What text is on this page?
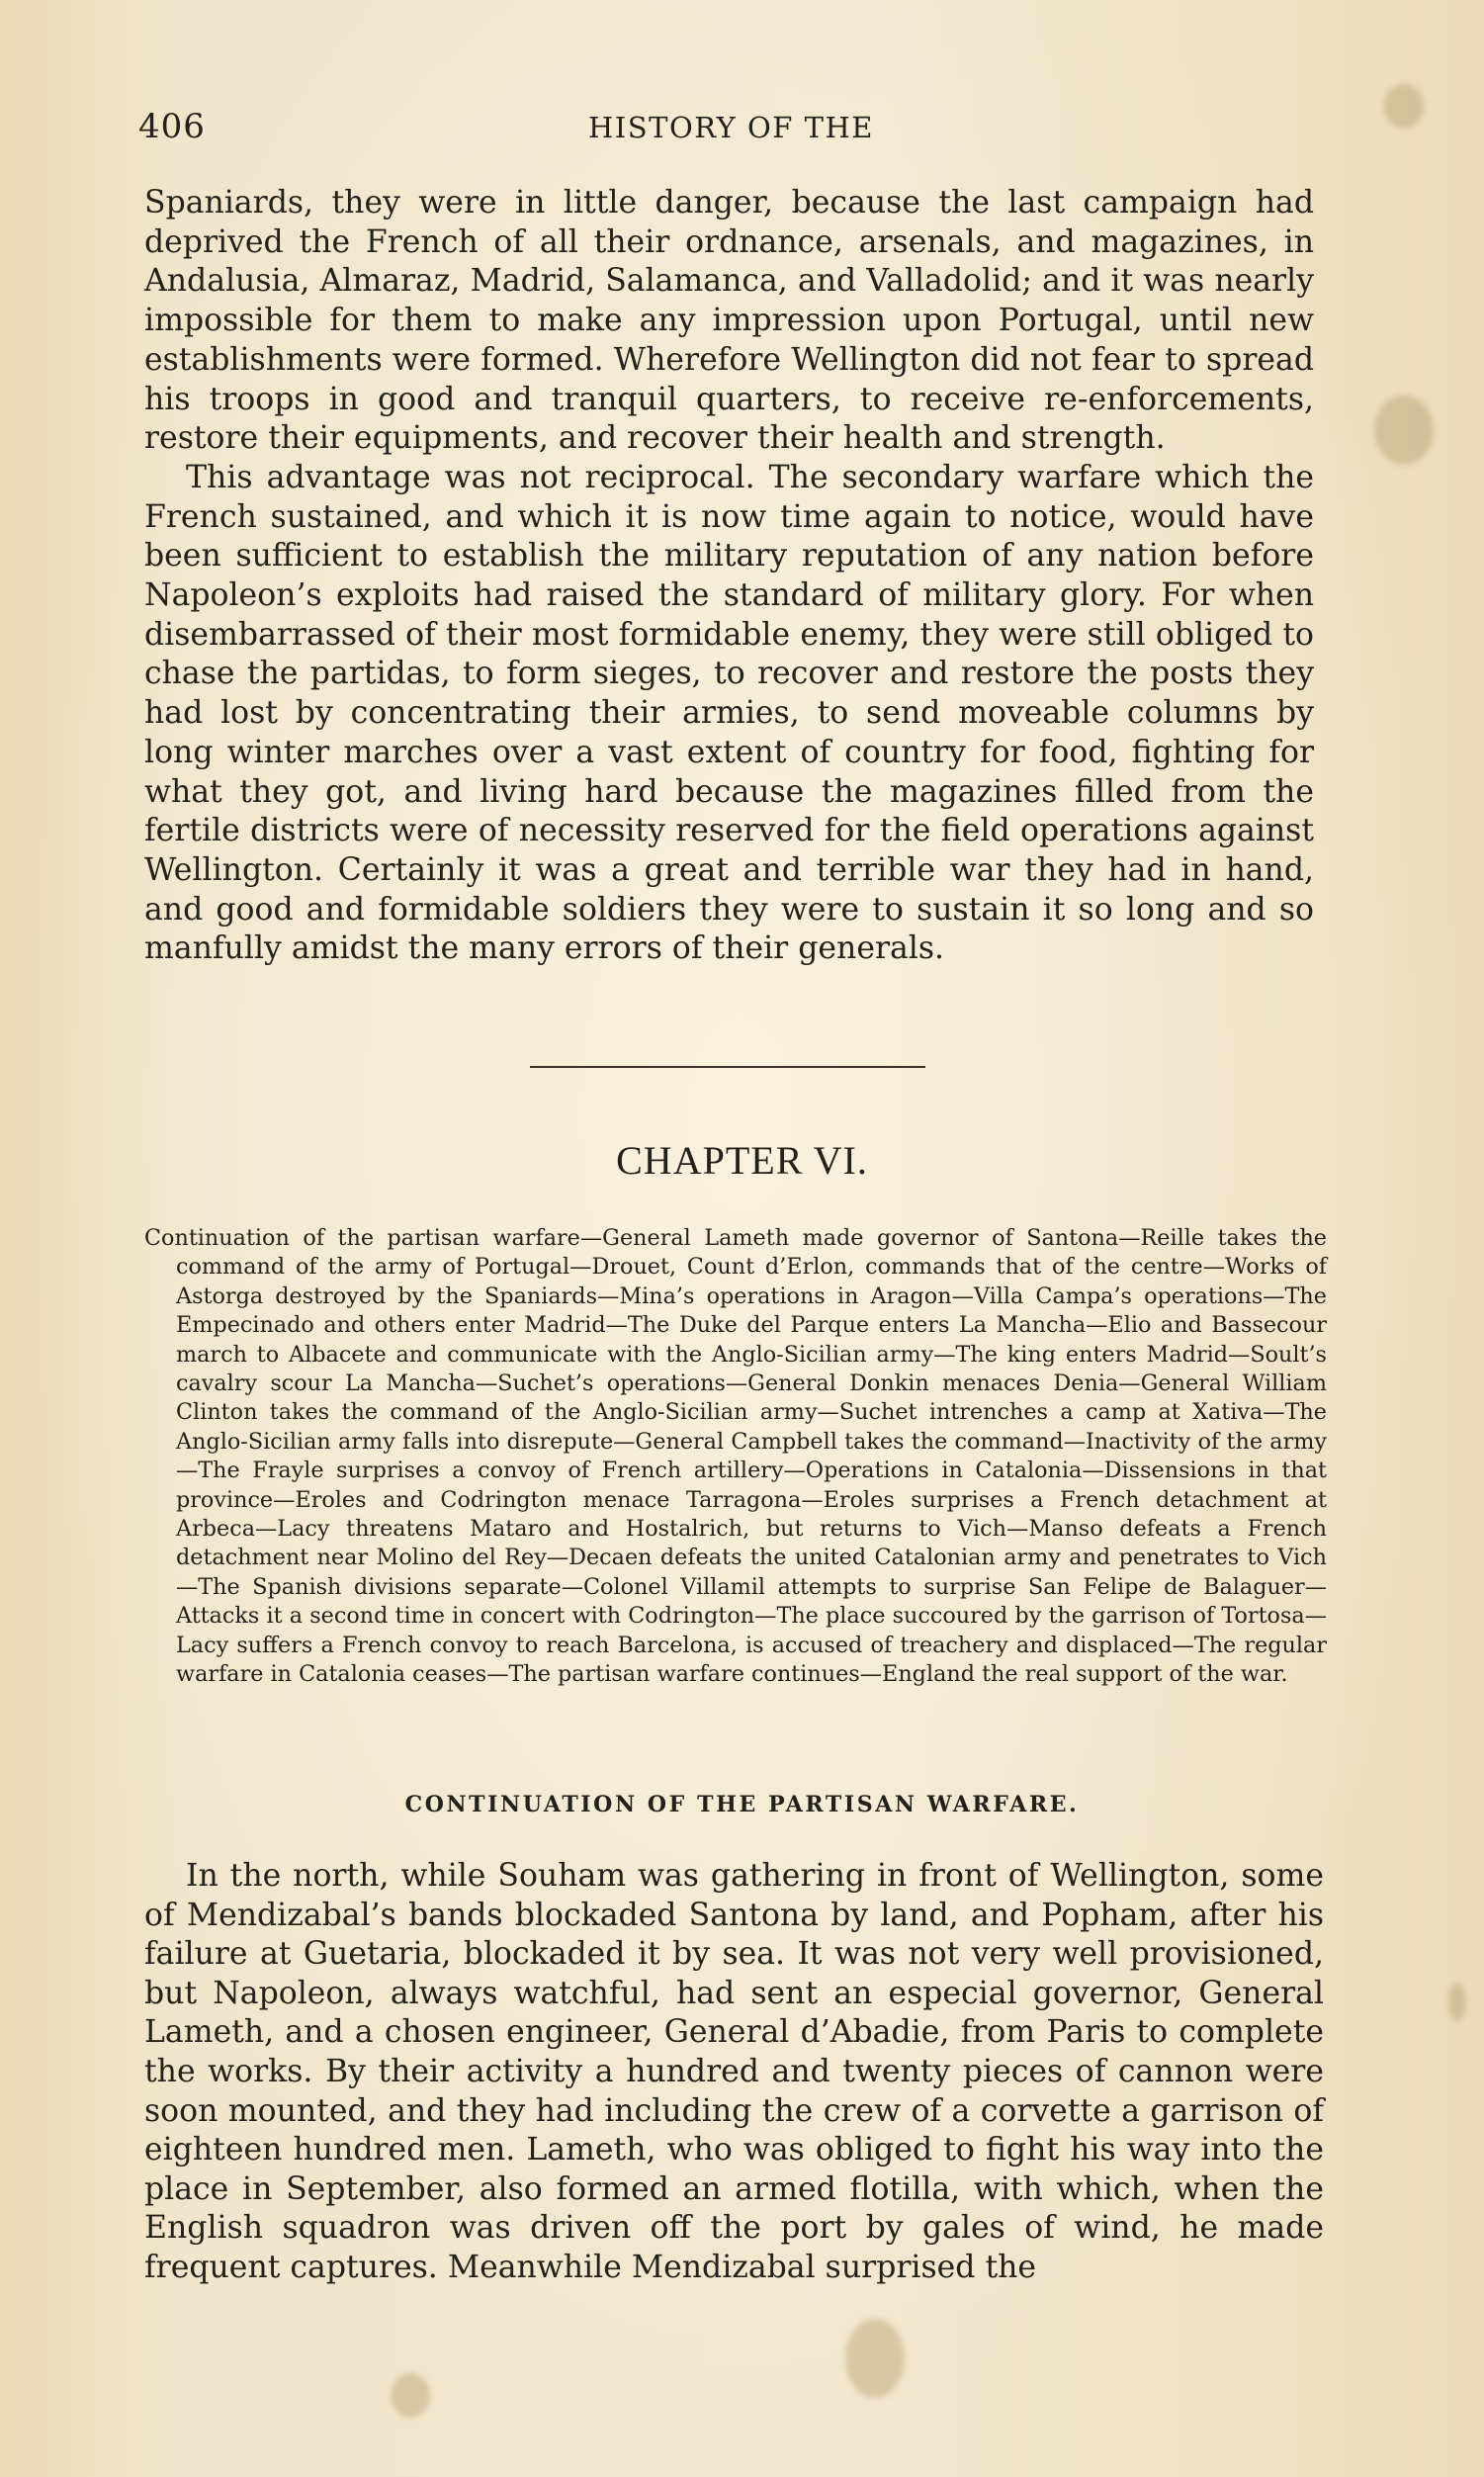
406	HISTORY OF THE

Spaniards, they were in little danger, because the last campaign had deprived the French of all their ordnance, arsenals, and magazines, in Andalusia, Almaraz, Madrid, Salamanca, and Valladolid; and it was nearly impossible for them to make any impression upon Portugal, until new establishments were formed. Wherefore Wellington did not fear to spread his troops in good and tranquil quarters, to receive re-enforcements, restore their equipments, and recover their health and strength.

This advantage was not reciprocal. The secondary warfare which the French sustained, and which it is now time again to notice, would have been sufficient to establish the military reputation of any nation before Napoleon’s exploits had raised the standard of military glory. For when disembarrassed of their most formidable enemy, they were still obliged to chase the partidas, to form sieges, to recover and restore the posts they had lost by concentrating their armies, to send moveable columns by long winter marches over a vast extent of country for food, fighting for what they got, and living hard because the magazines filled from the fertile districts were of necessity reserved for the field operations against Wellington. Certainly it was a great and terrible war they had in hand, and good and formidable soldiers they were to sustain it so long and so manfully amidst the many errors of their generals.

CHAPTER VI.

Continuation of the partisan warfare—General Lameth made governor of Santona—Reille takes the command of the army of Portugal—Drouet, Count d’Erlon, commands that of the centre—Works of Astorga destroyed by the Spaniards—Mina’s operations in Aragon—Villa Campa’s operations—The Empecinado and others enter Madrid—The Duke del Parque enters La Mancha—Elio and Bassecour march to Albacete and communicate with the Anglo-Sicilian army—The king enters Madrid—Soult’s cavalry scour La Mancha—Suchet’s operations—General Donkin menaces Denia—General William Clinton takes the command of the Anglo-Sicilian army—Suchet intrenches a camp at Xativa—The Anglo-Sicilian army falls into disrepute—General Campbell takes the command—Inactivity of the army—The Frayle surprises a convoy of French artillery—Operations in Catalonia—Dissensions in that province—Eroles and Codrington menace Tarragona—Eroles surprises a French detachment at Arbeca—Lacy threatens Mataro and Hostalrich, but returns to Vich—Manso defeats a French detachment near Molino del Rey—Decaen defeats the united Catalonian army and penetrates to Vich—The Spanish divisions separate—Colonel Villamil attempts to surprise San Felipe de Balaguer—Attacks it a second time in concert with Codrington—The place succoured by the garrison of Tortosa—Lacy suffers a French convoy to reach Barcelona, is accused of treachery and displaced—The regular warfare in Catalonia ceases—The partisan warfare continues—England the real support of the war.

CONTINUATION OF THE PARTISAN WARFARE.

In the north, while Souham was gathering in front of Wellington, some of Mendizabal’s bands blockaded Santona by land, and Popham, after his failure at Guetaria, blockaded it by sea. It was not very well provisioned, but Napoleon, always watchful, had sent an especial governor, General Lameth, and a chosen engineer, General d’Abadie, from Paris to complete the works. By their activity a hundred and twenty pieces of cannon were soon mounted, and they had including the crew of a corvette a garrison of eighteen hundred men. Lameth, who was obliged to fight his way into the place in September, also formed an armed flotilla, with which, when the English squadron was driven off the port by gales of wind, he made frequent captures. Meanwhile Mendizabal surprised the
